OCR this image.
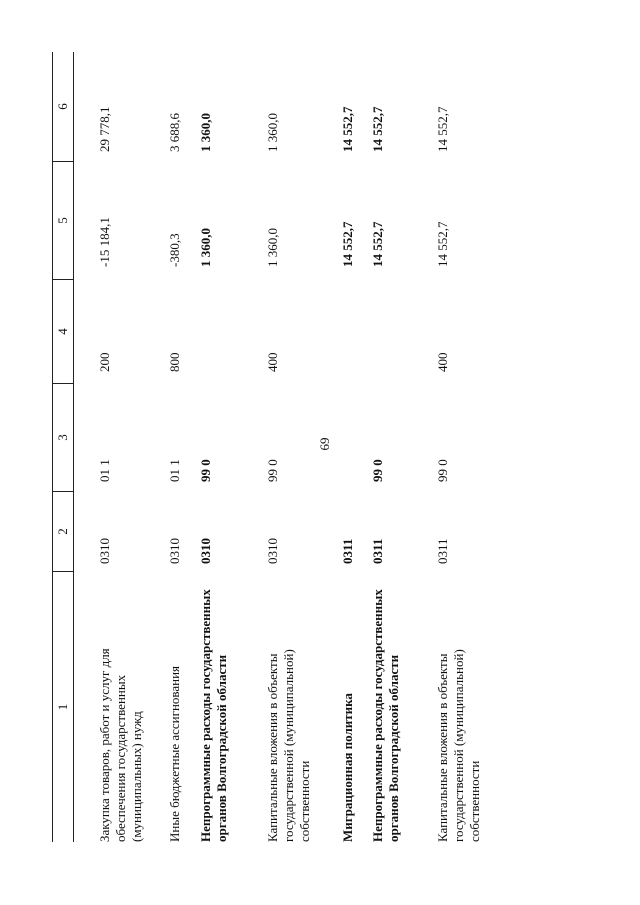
69
1
2
3
4
5
6
Закупка товаров, работ и услуг для обеспечения государственных (муниципальных) нужд
0310
01 1
200
-15 184,1
29 778,1
Иные бюджетные ассигнования
0310
01 1
800
-380,3
3 688,6
Непрограммные расходы государственных органов Волгоградской области
0310
99 0
1 360,0
1 360,0
Капитальные вложения в объекты государственной (муниципальной) собственности
0310
99 0
400
1 360,0
1 360,0
Миграционная политика
0311
14 552,7
14 552,7
Непрограммные расходы государственных органов Волгоградской области
0311
99 0
14 552,7
14 552,7
Капитальные вложения в объекты государственной (муниципальной) собственности
0311
99 0
400
14 552,7
14 552,7
